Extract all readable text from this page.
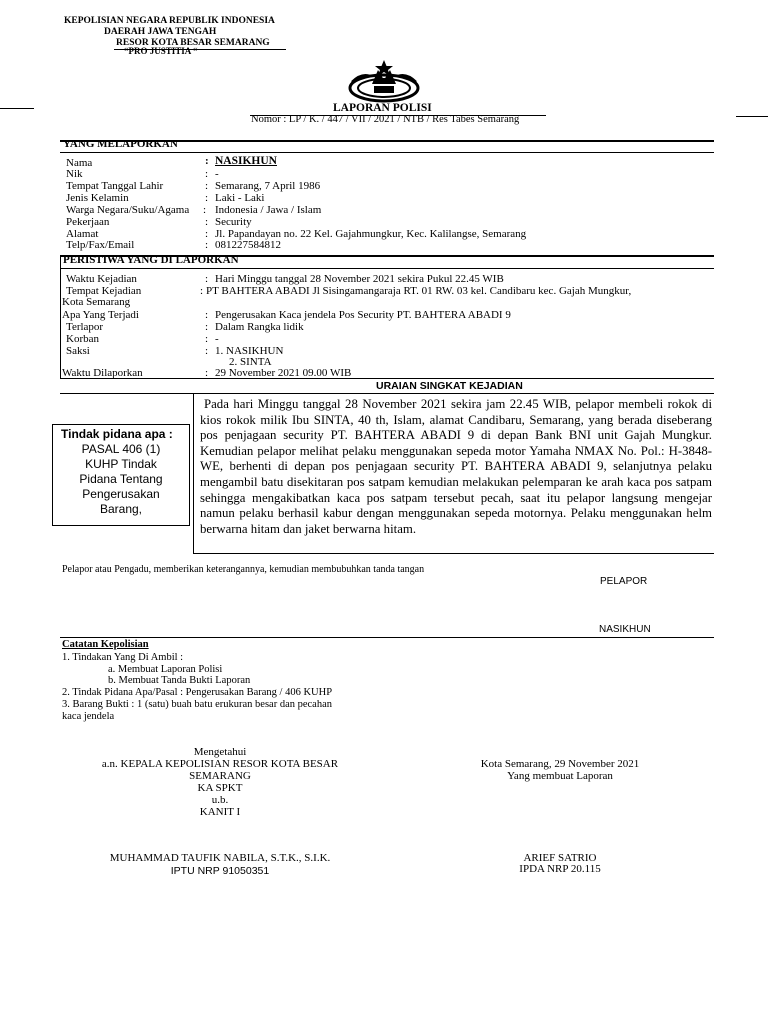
KEPOLISIAN NEGARA REPUBLIK INDONESIA
DAERAH JAWA TENGAH
RESOR KOTA BESAR SEMARANG
“PRO JUSTITIA “
LAPORAN POLISI
Nomor : LP / K. / 447 / VII / 2021 / NTB / Res Tabes Semarang
YANG MELAPORKAN
Nama	: NASIKHUN
Nik	: -
Tempat Tanggal Lahir	: Semarang, 7 April 1986
Jenis Kelamin	: Laki - Laki
Warga Negara/Suku/Agama : Indonesia / Jawa / Islam
Pekerjaan	: Security
Alamat	: Jl. Papandayan no. 22 Kel. Gajahmungkur, Kec. Kalilangse, Semarang
Telp/Fax/Email	: 081227584812
PERISTIWA YANG DI LAPORKAN
Waktu Kejadian	: Hari Minggu tanggal 28 November 2021 sekira Pukul 22.45 WIB
Tempat Kejadian	: PT BAHTERA ABADI Jl Sisingamangaraja RT. 01 RW. 03 kel. Candibaru kec. Gajah Mungkur,
Kota Semarang
Apa Yang Terjadi	: Pengerusakan Kaca jendela Pos Security PT. BAHTERA ABADI 9
Terlapor	: Dalam Rangka lidik
Korban	: -
Saksi	: 1. NASIKHUN
2. SINTA
Waktu Dilaporkan	: 29 November 2021 09.00 WIB
URAIAN SINGKAT KEJADIAN
Tindak pidana apa :
PASAL 406 (1)
KUHP Tindak
Pidana Tentang
Pengerusakan
Barang,
Pada hari Minggu tanggal 28 November 2021 sekira jam 22.45 WIB, pelapor membeli rokok di kios rokok milik Ibu SINTA, 40 th, Islam, alamat Candibaru, Semarang, yang berada diseberang pos penjagaan security PT. BAHTERA ABADI 9 di depan Bank BNI unit Gajah Mungkur. Kemudian pelapor melihat pelaku menggunakan sepeda motor Yamaha NMAX No. Pol.: H-3848-WE, berhenti di depan pos penjagaan security PT. BAHTERA ABADI 9, selanjutnya pelaku mengambil batu disekitaran pos satpam kemudian melakukan pelemparan ke arah kaca pos satpam sehingga mengakibatkan kaca pos satpam tersebut pecah, saat itu pelapor langsung mengejar namun pelaku berhasil kabur dengan menggunakan sepeda motornya. Pelaku menggunakan helm berwarna hitam dan jaket berwarna hitam.
Pelapor atau Pengadu, memberikan keterangannya, kemudian membubuhkan tanda tangan
PELAPOR
NASIKHUN
Catatan Kepolisian
1. Tindakan Yang Di Ambil :
a. Membuat Laporan Polisi
b. Membuat Tanda Bukti Laporan
2. Tindak Pidana Apa/Pasal : Pengerusakan Barang / 406 KUHP
3. Barang Bukti : 1 (satu) buah batu erukuran besar dan pecahan
kaca jendela
Mengetahui
a.n. KEPALA KEPOLISIAN RESOR KOTA BESAR
SEMARANG
KA SPKT
u.b.
KANIT I
MUHAMMAD TAUFIK NABILA, S.T.K., S.I.K.
IPTU NRP 91050351
Kota Semarang, 29 November 2021
Yang membuat Laporan
ARIEF SATRIO
IPDA NRP 20.115
